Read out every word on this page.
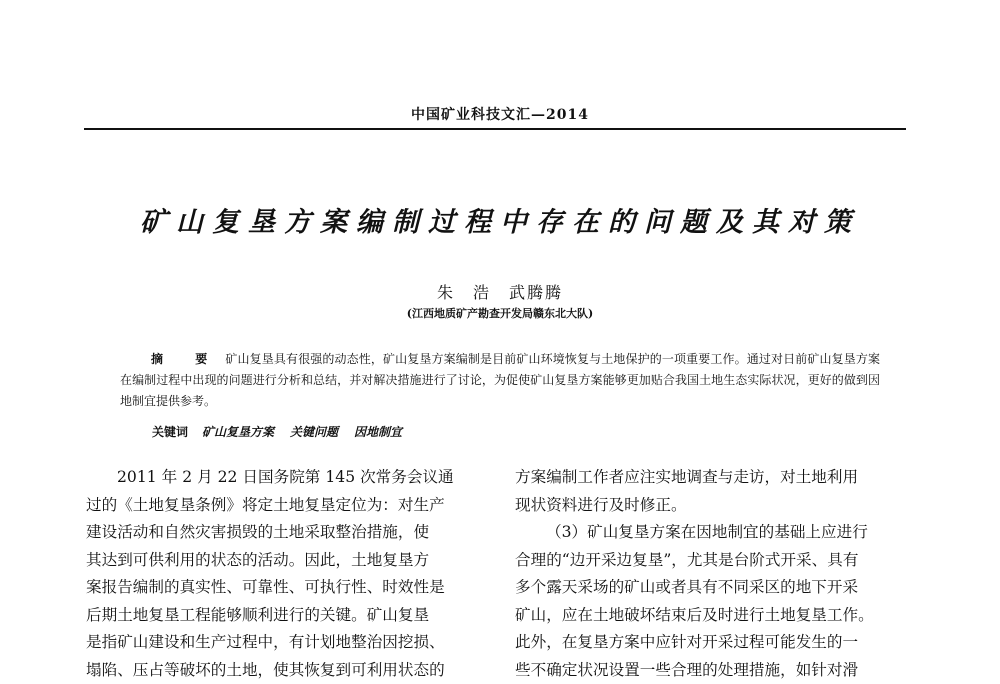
中国矿业科技文汇—2014
矿山复垦方案编制过程中存在的问题及其对策
朱　浩　武腾腾
(江西地质矿产勘查开发局赣东北大队)
摘　要 矿山复垦具有很强的动态性，矿山复垦方案编制是目前矿山环境恢复与土地保护的一项重要工作。通过对日前矿山复垦方案在编制过程中出现的问题进行分析和总结，并对解决措施进行了讨论，为促使矿山复垦方案能够更加贴合我国土地生态实际状况，更好的做到因地制宜提供参考。
关键词 矿山复垦方案 关键问题 因地制宜
2011 年 2 月 22 日国务院第 145 次常务会议通
过的《土地复垦条例》将定土地复垦定位为：对生产
建设活动和自然灾害损毁的土地采取整治措施，使
其达到可供利用的状态的活动。因此，土地复垦方
案报告编制的真实性、可靠性、可执行性、时效性是
后期土地复垦工程能够顺利进行的关键。矿山复垦
是指矿山建设和生产过程中，有计划地整治因挖损、
塌陷、压占等破坏的土地，使其恢复到可利用状态的
方案编制工作者应注实地调查与走访，对土地利用
现状资料进行及时修正。
（3）矿山复垦方案在因地制宜的基础上应进行
合理的“边开采边复垦”，尤其是台阶式开采、具有
多个露天采场的矿山或者具有不同采区的地下开采
矿山，应在土地破坏结束后及时进行土地复垦工作。
此外，在复垦方案中应针对开采过程可能发生的一
些不确定状况设置一些合理的处理措施，如针对滑
